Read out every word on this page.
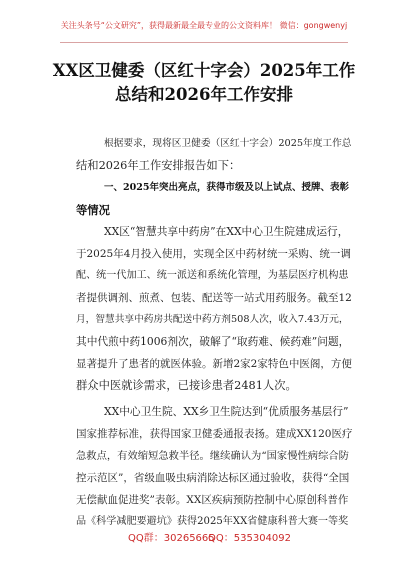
关注头条号“公文研究”，获得最新最全最专业的公文资料库！ 微信：gongwenyj
XX区卫健委（区红十字会）2025年工作
总结和2026年工作安排
根据要求，现将区卫健委（区红十字会）2025年度工作总
结和2026年工作安排报告如下：
一、2025年突出亮点，获得市级及以上试点、授牌、表彰
等情况
XX区“智慧共享中药房”在XX中心卫生院建成运行，
于2025年4月投入使用，实现全区中药材统一采购、统一调
配、统一代加工、统一派送和系统化管理，为基层医疗机构患
者提供调剂、煎煮、包装、配送等一站式用药服务。截至12
月，智慧共享中药房共配送中药方剂508人次，收入7.43万元，
其中代煎中药1006剂次，破解了“取药难、候药难”问题，
显著提升了患者的就医体验。新增2家2家特色中医阁，方便
群众中医就诊需求，已接诊患者2481人次。
XX中心卫生院、XX乡卫生院达到“优质服务基层行”
国家推荐标准，获得国家卫健委通报表扬。建成XX120医疗
急救点，有效缩短急救半径。继续确认为“国家慢性病综合防
控示范区”，省级血吸虫病消除达标区通过验收，获得“全国
无偿献血促进奖”表彰。XX区疾病预防控制中心原创科普作
品《科学减肥要避坑》获得2025年XX省健康科普大赛一等奖
QQ群：30265665
QQ：535304092
